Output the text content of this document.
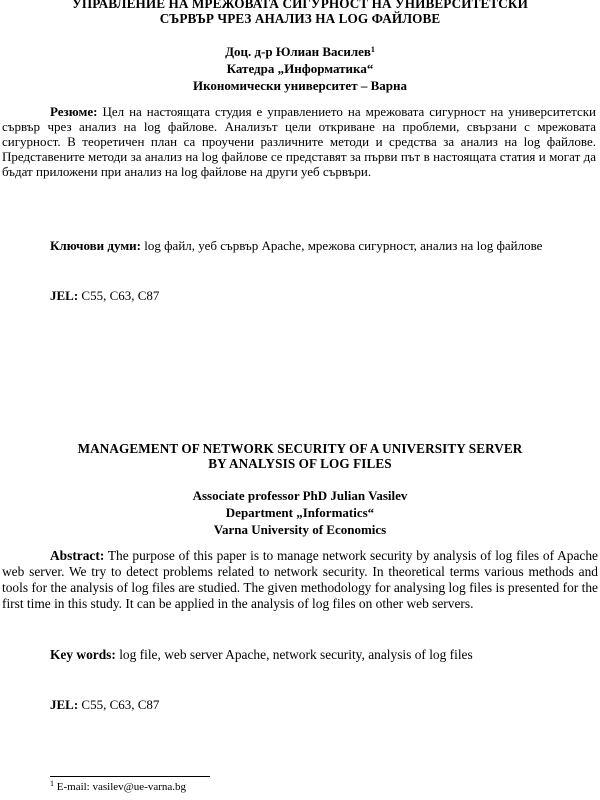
УПРАВЛЕНИЕ НА МРЕЖОВАТА СИГУРНОСТ НА УНИВЕРСИТЕТСКИ
СЪРВЪР ЧРЕЗ АНАЛИЗ НА LOG ФАЙЛОВЕ
Доц. д-р Юлиан Василев$^1$
Катедра „Информатика“
Икономически университет – Варна
Резюме: Цел на настоящата студия е управлението на мрежовата сигурност на университетски сървър чрез анализ на log файлове. Анализът цели откриване на проблеми, свързани с мрежовата сигурност. В теоретичен план са проучени различните методи и средства за анализ на log файлове. Представените методи за анализ на log файлове се представят за първи път в настоящата статия и могат да бъдат приложени при анализ на log файлове на други уеб сървъри.
Ключови думи: log файл, уеб сървър Apache, мрежова сигурност, анализ на log файлове
JEL: C55, C63, C87
MANAGEMENT OF NETWORK SECURITY OF A UNIVERSITY SERVER
BY ANALYSIS OF LOG FILES
Associate professor PhD Julian Vasilev
Department „Informatics“
Varna University of Economics
Abstract: The purpose of this paper is to manage network security by analysis of log files of Apache web server. We try to detect problems related to network security. In theoretical terms various methods and tools for the analysis of log files are studied. The given methodology for analysing log files is presented for the first time in this study. It can be applied in the analysis of log files on other web servers.
Key words: log file, web server Apache, network security, analysis of log files
JEL: C55, C63, C87
$^1$ E-mail: vasilev@ue-varna.bg
